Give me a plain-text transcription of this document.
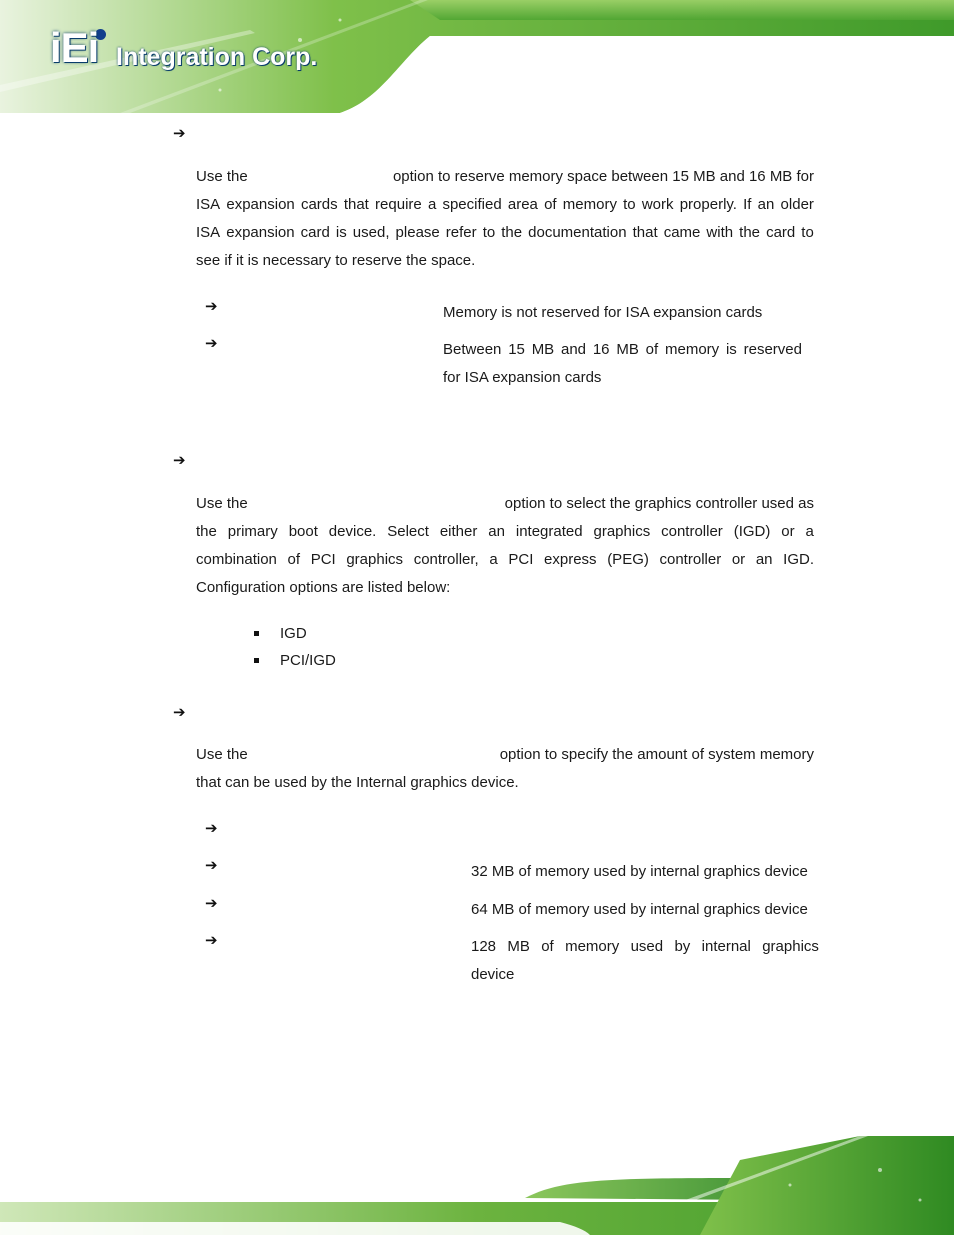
iEi Integration Corp.
➔
Use the	option to reserve memory space between 15 MB and 16 MB for
ISA expansion cards that require a specified area of memory to work properly. If an older
ISA expansion card is used, please refer to the documentation that came with the card to
see if it is necessary to reserve the space.
➔	Memory is not reserved for ISA expansion cards
➔	Between 15 MB and 16 MB of memory is reserved
for ISA expansion cards
➔
Use the	option to select the graphics controller used as
the primary boot device. Select either an integrated graphics controller (IGD) or a
combination of PCI graphics controller, a PCI express (PEG) controller or an IGD.
Configuration options are listed below:
IGD
PCI/IGD
➔
Use the	option to specify the amount of system memory
that can be used by the Internal graphics device.
➔
➔	32 MB of memory used by internal graphics device
➔	64 MB of memory used by internal graphics device
➔	128 MB of memory used by internal graphics
device
